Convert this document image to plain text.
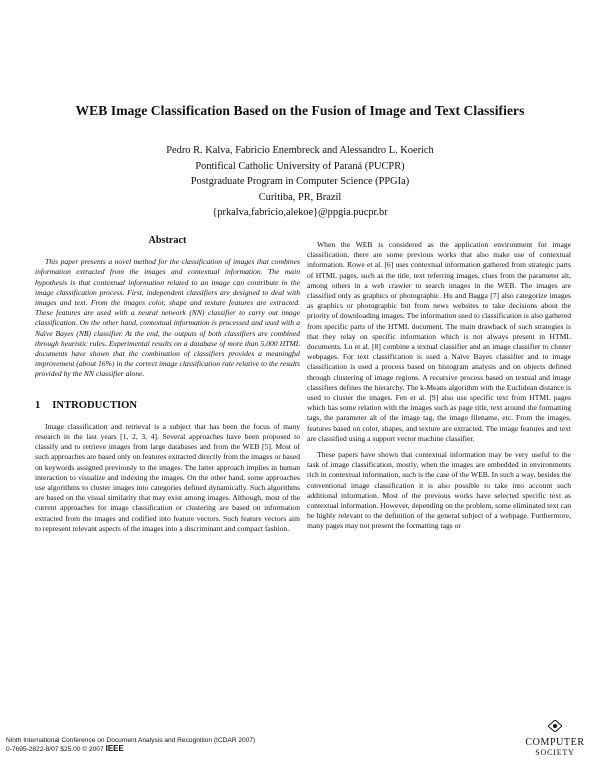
WEB Image Classification Based on the Fusion of Image and Text Classifiers
Pedro R. Kalva, Fabricio Enembreck and Alessandro L. Koerich
Pontifical Catholic University of Paraná (PUCPR)
Postgraduate Program in Computer Science (PPGIa)
Curitiba, PR, Brazil
{prkalva,fabricio,alekoe}@ppgia.pucpr.br
Abstract

This paper presents a novel method for the classification of images that combines information extracted from the images and contextual information. The main hypothesis is that contextual information related to an image can contribute in the image classification process. First, independent classifiers are designed to deal with images and text. From the images color, shape and texture features are extracted. These features are used with a neural network (NN) classifier to carry out image classification. On the other hand, contextual information is processed and used with a Naïve Bayes (NB) classifier. At the end, the outputs of both classifiers are combined through heuristic rules. Experimental results on a database of more than 5,000 HTML documents have shown that the combination of classifiers provides a meaningful improvement (about 16%) in the correct image classification rate relative to the results provided by the NN classifier alone.

1 INTRODUCTION

Image classification and retrieval is a subject that has been the focus of many research in the last years [1, 2, 3, 4]. Several approaches have been proposed to classify and to retrieve images from large databases and from the WEB [5]. Most of such approaches are based only on features extracted directly from the images or based on keywords assigned previously to the images. The latter approach implies in human interaction to visualize and indexing the images. On the other hand, some approaches use algorithms to cluster images into categories defined dynamically. Such algorithms are based on the visual similarity that may exist among images. Although, most of the current approaches for image classification or clustering are based on information extracted from the images and codified into feature vectors. Such feature vectors aim to represent relevant aspects of the images into a discriminant and compact fashion.

When the WEB is considered as the application environment for image classification, there are some previous works that also make use of contextual information. Rowe et al. [6] uses contextual information gathered from strategic parts of HTML pages, such as the title, text referring images, clues from the parameter alt, among others in a web crawler to search images in the WEB. The images are classified only as graphics or photographic. Hu and Bagga [7] also categorize images as graphics or photographic but from news websites to take decisions about the priority of downloading images. The information used to classification is also gathered from specific parts of the HTML document. The main drawback of such strategies is that they relay on specific information which is not always present in HTML documents. Lu et al. [8] combine a textual classifier and an image classifier to cluster webpages. For text classification is used a Naïve Bayes classifier and to image classification is used a process based on histogram analysis and on objects defined through clustering of image regions. A recursive process based on textual and image classifiers defines the hierarchy. The k-Means algorithm with the Euclidean distance is used to cluster the images. Fen et al. [9] also use specific text from HTML pages which has some relation with the images such as page title, text around the formatting tags, the parameter alt of the image tag, the image filename, etc. From the images, features based on color, shapes, and texture are extracted. The image features and text are classified using a support vector machine classifier.

These papers have shown that contextual information may be very useful to the task of image classification, mostly, when the images are embedded in environments rich in contextual information, such is the case of the WEB. In such a way, besides the conventional image classification it is also possible to take into account such additional information. Most of the previous works have selected specific text as contextual information. However, depending on the problem, some eliminated text can be highly relevant to the definition of the general subject of a webpage. Furthermore, many pages may not present the formatting tags or

Ninth International Conference on Document Analysis and Recognition (ICDAR 2007)
0-7695-2822-8/07 $25.00 © 2007 IEEE
COMPUTER
SOCIETY
